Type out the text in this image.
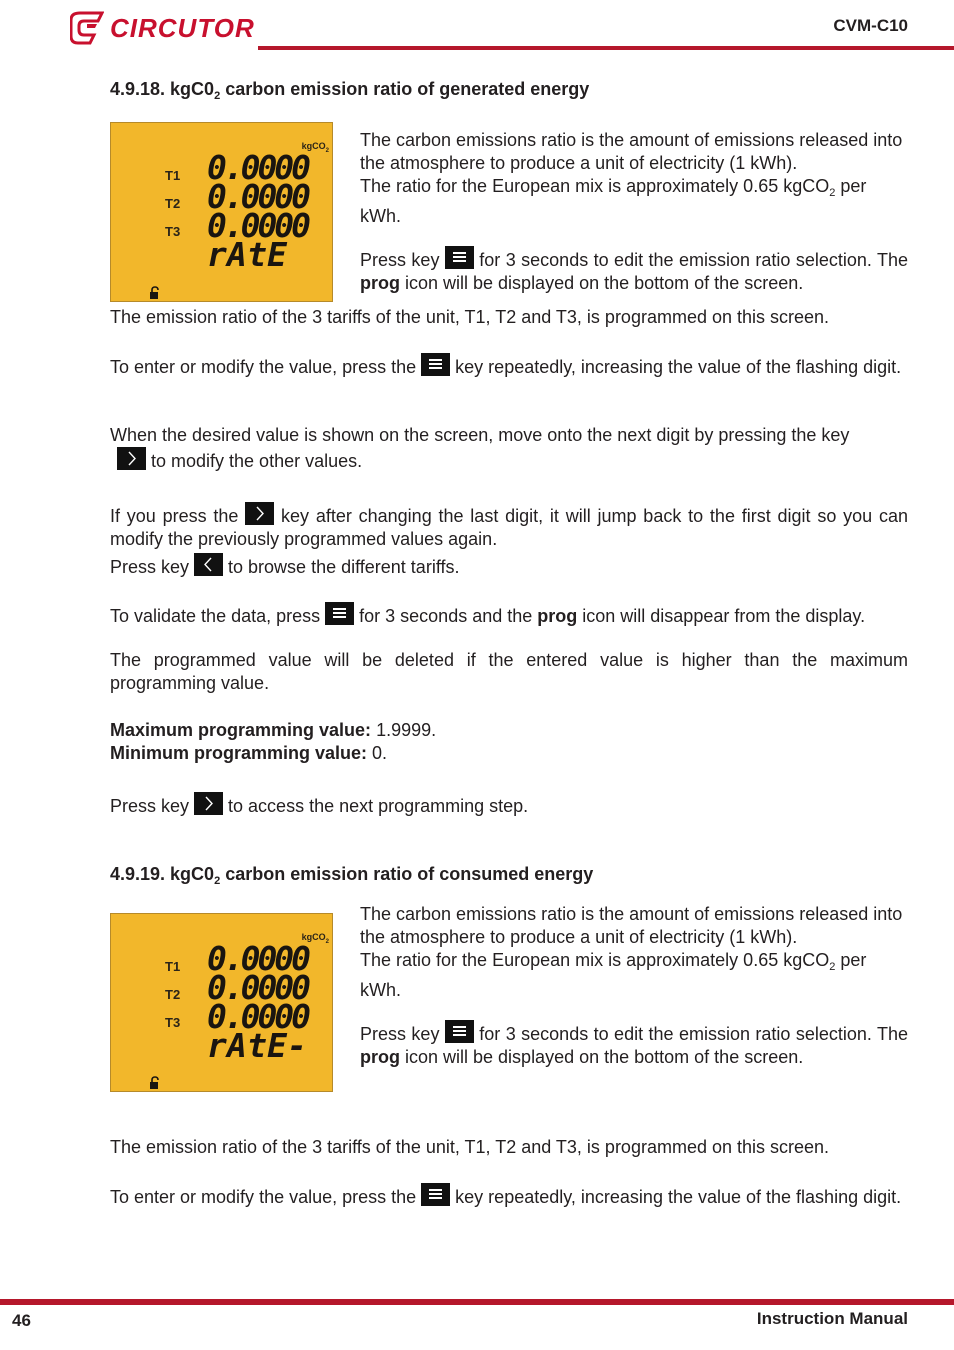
CIRCUTOR	CVM-C10
4.9.18. $kgC0_2$ carbon emission ratio of generated energy
kgCO$_2$
T1
T2
T3
0.0000
0.0000
0.0000
rAtE
The carbon emissions ratio is the amount of emissions released into the atmosphere to produce a unit of electricity (1 kWh).
The ratio for the European mix is approximately 0.65 kgCO$_2$ per kWh.
Press key  for 3 seconds to edit the emission ratio selection. The prog icon will be displayed on the bottom of the screen.
The emission ratio of the 3 tariffs of the unit, T1, T2 and T3, is programmed on this screen.
To enter or modify the value, press the  key repeatedly, increasing the value of the flashing digit.
When the desired value is shown on the screen, move onto the next digit by pressing the key

to modify the other values.
If you press the
key after changing the last digit, it will jump back to the first digit so you can modify the previously programmed values again.
Press key
to browse the different tariffs.
To validate the data, press  for 3 seconds and the prog icon will disappear from the display.
The programmed value will be deleted if the entered value is higher than the maximum programming value.
Maximum programming value: 1.9999.
Minimum programming value: 0.
Press key
to access the next programming step.
4.9.19. $kgC0_2$ carbon emission ratio of consumed energy
kgCO$_2$
T1
T2
T3
0.0000
0.0000
0.0000
rAtE-
The carbon emissions ratio is the amount of emissions released into the atmosphere to produce a unit of electricity (1 kWh).
The ratio for the European mix is approximately 0.65 kgCO$_2$ per kWh.
Press key  for 3 seconds to edit the emission ratio selection. The prog icon will be displayed on the bottom of the screen.
The emission ratio of the 3 tariffs of the unit, T1, T2 and T3, is programmed on this screen.
To enter or modify the value, press the  key repeatedly, increasing the value of the flashing digit.
46	Instruction Manual
